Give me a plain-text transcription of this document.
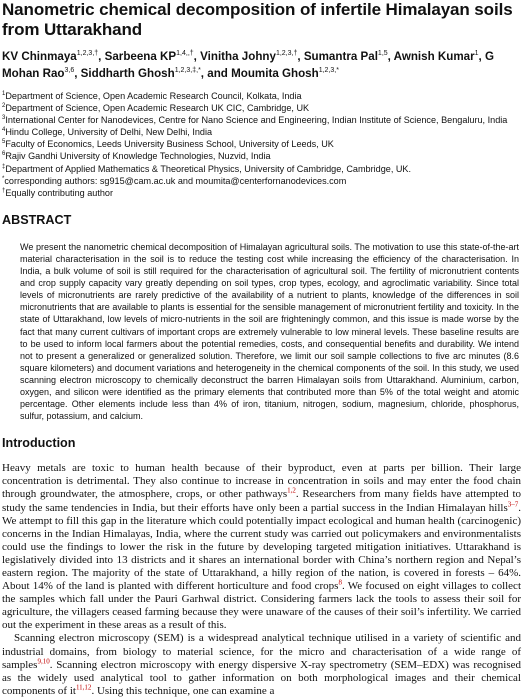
Nanometric chemical decomposition of infertile Himalayan soils from Uttarakhand
KV Chinmaya$^{1,2,3,\dagger}$, Sarbeena $KP^{1,4,,\dagger}$, Vinitha Johny$^{1,2,3,\dagger}$, Sumantra Pal$^{1,5}$, Awnish Kumar$^1$, G Mohan Rao$^{3,6}$, Siddharth Ghosh$^{1,2,3,\ddagger,*}$, and Moumita Ghosh$^{1,2,3,*}$
$^1$Department of Science, Open Academic Research Council, Kolkata, India
$^2$Department of Science, Open Academic Research UK CIC, Cambridge, UK
$^3$International Center for Nanodevices, Centre for Nano Science and Engineering, Indian Institute of Science, Bengaluru, India
$^4$Hindu College, University of Delhi, New Delhi, India
$^5$Faculty of Economics, Leeds University Business School, University of Leeds, UK
$^6$Rajiv Gandhi University of Knowledge Technologies, Nuzvid, India
‡Department of Applied Mathematics & Theoretical Physics, University of Cambridge, Cambridge, UK.
*corresponding authors: sg915@cam.ac.uk and moumita@centerfornanodevices.com
†Equally contributing author
ABSTRACT
We present the nanometric chemical decomposition of Himalayan agricultural soils. The motivation to use this state-of-the-art material characterisation in the soil is to reduce the testing cost while increasing the efficiency of the characterisation. In India, a bulk volume of soil is still required for the characterisation of agricultural soil. The fertility of micronutrient contents and crop supply capacity vary greatly depending on soil types, crop types, ecology, and agroclimatic variability. Since total levels of micronutrients are rarely predictive of the availability of a nutrient to plants, knowledge of the differences in soil micronutrients that are available to plants is essential for the sensible management of micronutrient fertility and toxicity. In the state of Uttarakhand, low levels of micro-nutrients in the soil are frighteningly common, and this issue is made worse by the fact that many current cultivars of important crops are extremely vulnerable to low mineral levels. These baseline results are to be used to inform local farmers about the potential remedies, costs, and consequential benefits and durability. We intend not to present a generalized or generalized solution. Therefore, we limit our soil sample collections to five arc minutes (8.6 square kilometers) and document variations and heterogeneity in the chemical components of the soil. In this study, we used scanning electron microscopy to chemically deconstruct the barren Himalayan soils from Uttarakhand. Aluminium, carbon, oxygen, and silicon were identified as the primary elements that contributed more than 5% of the total weight and atomic percentage. Other elements include less than 4% of iron, titanium, nitrogen, sodium, magnesium, chloride, phosphorus, sulfur, potassium, and calcium.
Introduction

Heavy metals are toxic to human health because of their byproduct, even at parts per billion. Their large concentration is detrimental. They also continue to increase in concentration in soils and may enter the food chain through groundwater, the atmosphere, crops, or other pathways$^{1,2}$. Researchers from many fields have attempted to study the same tendencies in India, but their efforts have only been a partial success in the Indian Himalayan hills$^{3-7}$. We attempt to fill this gap in the literature which could potentially impact ecological and human health (carcinogenic) concerns in the Indian Himalayas, India, where the current study was carried out policymakers and environmentalists could use the findings to lower the risk in the future by developing targeted mitigation initiatives. Uttarakhand is legislatively divided into 13 districts and it shares an international border with China’s northern region and Nepal’s eastern region. The majority of the state of Uttarakhand, a hilly region of the nation, is covered in forests – 64%. About 14% of the land is planted with different horticulture and food crops$^8$. We focused on eight villages to collect the samples which fall under the Pauri Garhwal district. Considering farmers lack the tools to assess their soil for agriculture, the villagers ceased farming because they were unaware of the causes of their soil’s infertility. We carried out the experiment in these areas as a result of this.

Scanning electron microscopy (SEM) is a widespread analytical technique utilised in a variety of scientific and industrial domains, from biology to material science, for the micro and characterisation of a wide range of samples$^{9,10}$. Scanning electron microscopy with energy dispersive X-ray spectrometry (SEM–EDX) was recognised as the widely used analytical tool to gather information on both morphological images and their chemical components of it$^{11,12}$. Using this technique, one can examine a
